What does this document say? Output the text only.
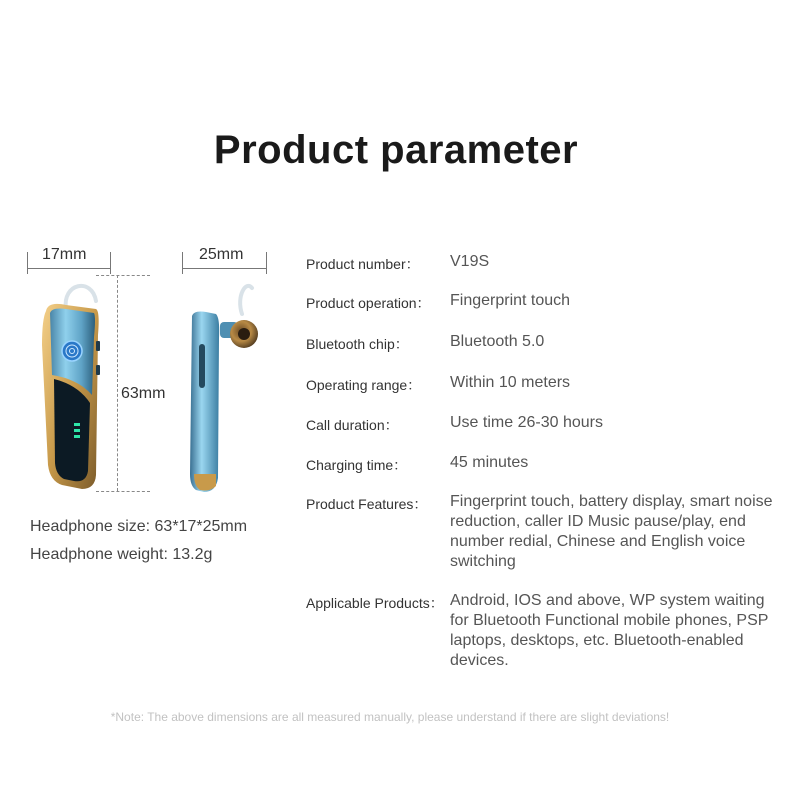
Product parameter
17mm
63mm
25mm
Headphone size: 63*17*25mm
Headphone weight: 13.2g
Product number： V19S
Product operation： Fingerprint touch
Bluetooth chip：	Bluetooth 5.0
Operating range： Within 10 meters
Call duration：	Use time 26-30 hours
Charging time：	45 minutes
Product Features： Fingerprint touch, battery display, smart noise reduction, caller ID Music pause/play, end number redial, Chinese and English voice switching
Applicable Products： Android, IOS and above, WP system waiting for Bluetooth Functional mobile phones, PSP laptops, desktops, etc. Bluetooth-enabled devices.
*Note: The above dimensions are all measured manually, please understand if there are slight deviations!
